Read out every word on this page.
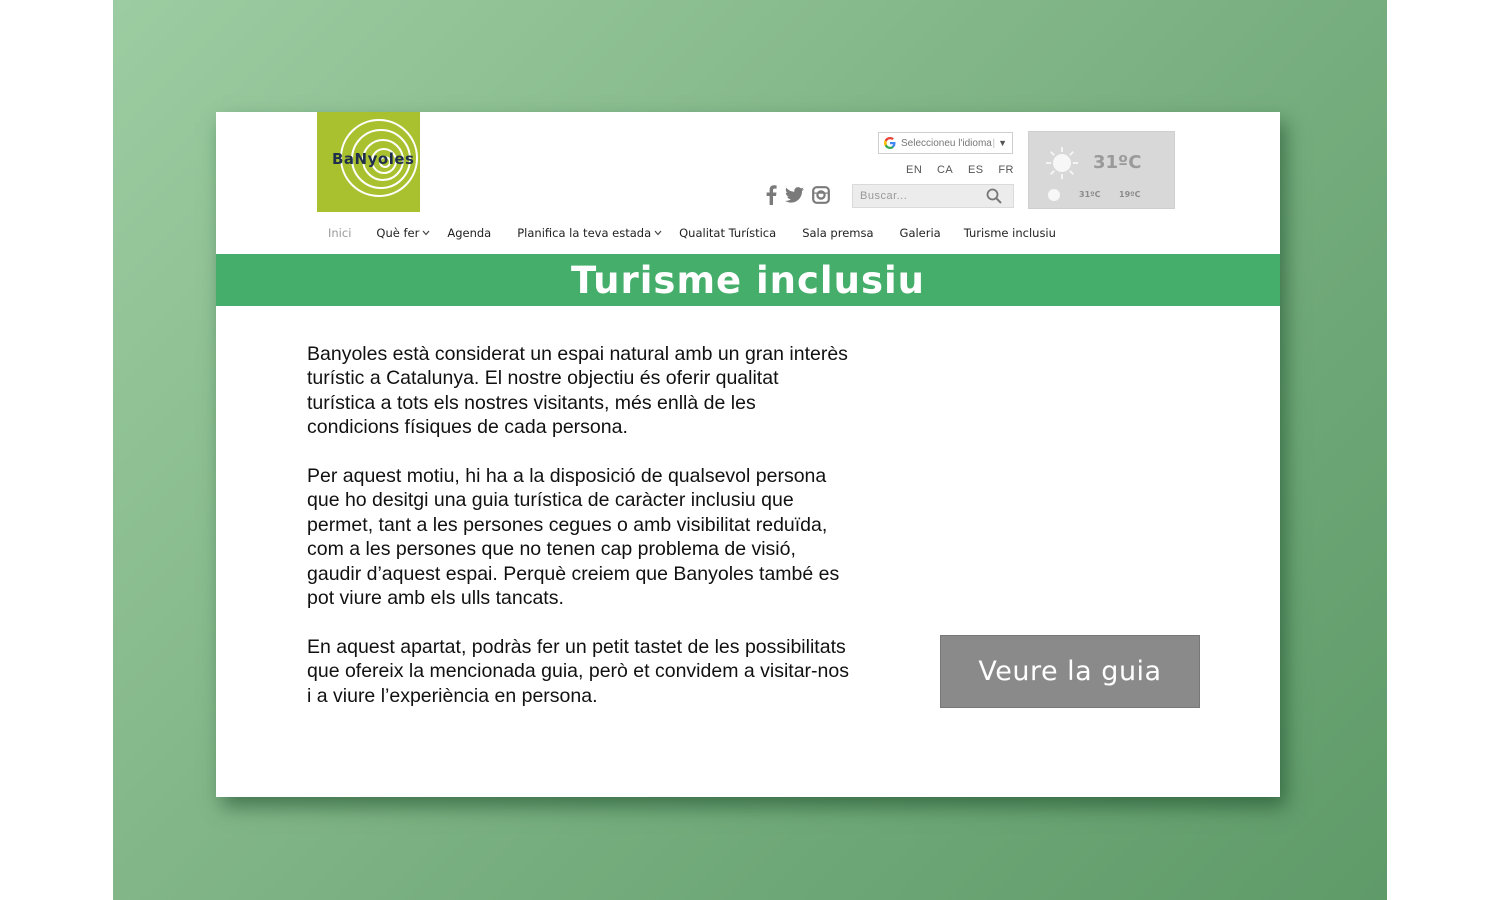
BaNyoles
Seleccioneu l'idioma | ▼
EN CA ES FR
Buscar...	31ºC
31ºC 19ºC
Inici Què fer Agenda Planifica la teva estada Qualitat Turística Sala premsa Galeria Turisme inclusiu
Turisme inclusiu

Banyoles està considerat un espai natural amb un gran interès turístic a Catalunya. El nostre objectiu és oferir qualitat turística a tots els nostres visitants, més enllà de les condicions físiques de cada persona.

Per aquest motiu, hi ha a la disposició de qualsevol persona que ho desitgi una guia turística de caràcter inclusiu que permet, tant a les persones cegues o amb visibilitat reduïda, com a les persones que no tenen cap problema de visió, gaudir d’aquest espai. Perquè creiem que Banyoles també es pot viure amb els ulls tancats.

En aquest apartat, podràs fer un petit tastet de les possibilitats que ofereix la mencionada guia, però et convidem a visitar-nos i a viure l’experiència en persona.

Veure la guia
